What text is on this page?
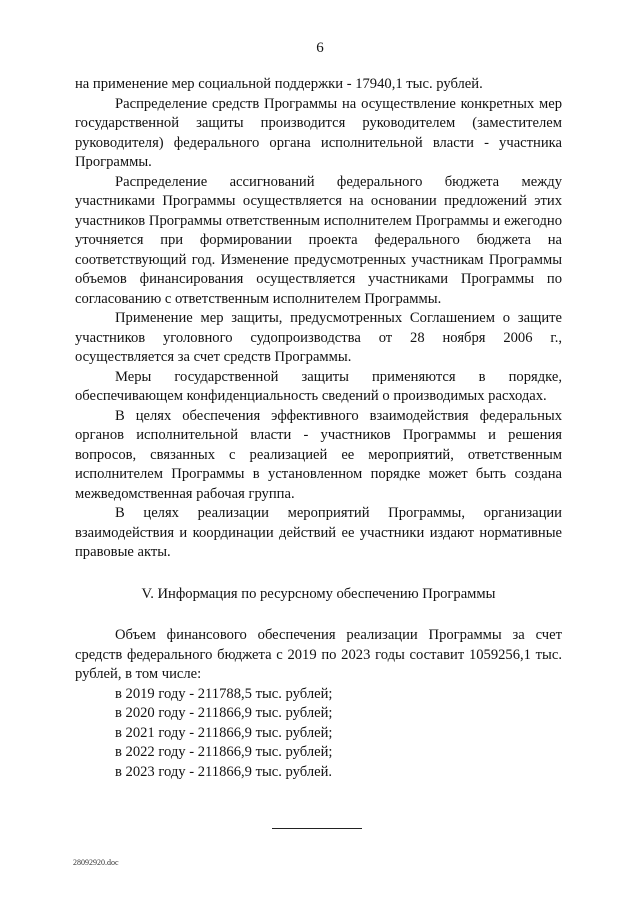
6

на применение мер социальной поддержки - 17940,1 тыс. рублей.

Распределение средств Программы на осуществление конкретных мер государственной защиты производится руководителем (заместителем руководителя) федерального органа исполнительной власти - участника Программы.

Распределение ассигнований федерального бюджета между участниками Программы осуществляется на основании предложений этих участников Программы ответственным исполнителем Программы и ежегодно уточняется при формировании проекта федерального бюджета на соответствующий год. Изменение предусмотренных участникам Программы объемов финансирования осуществляется участниками Программы по согласованию с ответственным исполнителем Программы.

Применение мер защиты, предусмотренных Соглашением о защите участников уголовного судопроизводства от 28 ноября 2006 г., осуществляется за счет средств Программы.

Меры государственной защиты применяются в порядке, обеспечивающем конфиденциальность сведений о производимых расходах.

В целях обеспечения эффективного взаимодействия федеральных органов исполнительной власти - участников Программы и решения вопросов, связанных с реализацией ее мероприятий, ответственным исполнителем Программы в установленном порядке может быть создана межведомственная рабочая группа.

В целях реализации мероприятий Программы, организации взаимодействия и координации действий ее участники издают нормативные правовые акты.

V. Информация по ресурсному обеспечению Программы

Объем финансового обеспечения реализации Программы за счет средств федерального бюджета с 2019 по 2023 годы составит 1059256,1 тыс. рублей, в том числе:

в 2019 году - 211788,5 тыс. рублей;
в 2020 году - 211866,9 тыс. рублей;
в 2021 году - 211866,9 тыс. рублей;
в 2022 году - 211866,9 тыс. рублей;
в 2023 году - 211866,9 тыс. рублей.
28092920.doc
